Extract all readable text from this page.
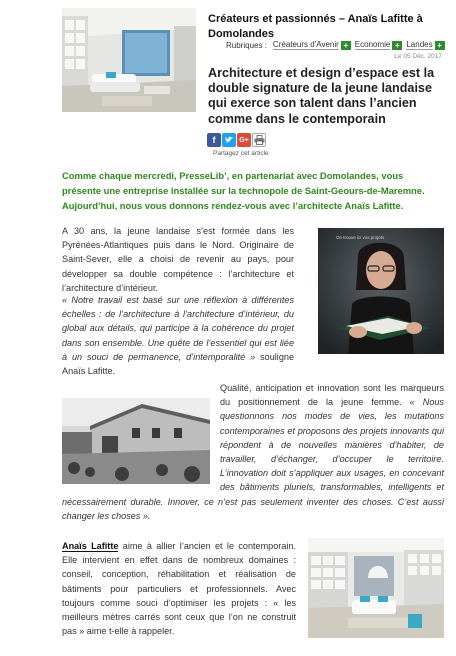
Créateurs et passionnés – Anaïs Lafitte à
Domolandes
Rubriques : Créateurs d'Avenir + Economie + Landes +
Le 05 Déc. 2017
Architecture et design d’espace est la double signature de la jeune landaise qui exerce son talent dans l’ancien comme dans le contemporain
f	G+
Partagez cet article
Comme chaque mercredi, PresseLib’, en partenariat avec Domolandes, vous présente une entreprise installée sur la technopole de Saint-Geours-de-Maremne. Aujourd’hui, nous vous donnons rendez-vous avec l’architecte Anaïs Lafitte.
A 30 ans, la jeune landaise s’est formée dans les Pyrénées-Atlantiques puis dans le Nord. Originaire de Saint-Sever, elle a choisi de revenir au pays, pour développer sa double compétence : l’architecture et l’architecture d’intérieur.
« Notre travail est basé sur une réflexion à différentes échelles : de l’architecture à l’architecture d’intérieur, du global aux détails, qui participe à la cohérence du projet dans son ensemble. Une quête de l’essentiel qui est liée à un souci de permanence, d’intemporalité » souligne Anaïs Lafitte.
On trouve ici vos projets
Qualité, anticipation et innovation sont les marqueurs du positionnement de la jeune femme. « Nous questionnons nos modes de vies, les mutations contemporaines et proposons des projets innovants qui répondent à de nouvelles manières d’habiter, de travailler, d’échanger, d’occuper le territoire. L’innovation doit s’appliquer aux usages, en concevant des bâtiments pluriels, transformables, intelligents et nécessairement durable. Innover, ce n’est pas seulement inventer des choses. C’est aussi changer les choses ».
Anaïs Lafitte aime à allier l’ancien et le contemporain. Elle intervient en effet dans de nombreux domaines : conseil, conception, réhabilitation et réalisation de bâtiments pour particuliers et professionnels. Avec toujours comme souci d’optimiser les projets : « les meilleurs mètres carrés sont ceux que l’on ne construit pas » aime t-elle à rappeler.
